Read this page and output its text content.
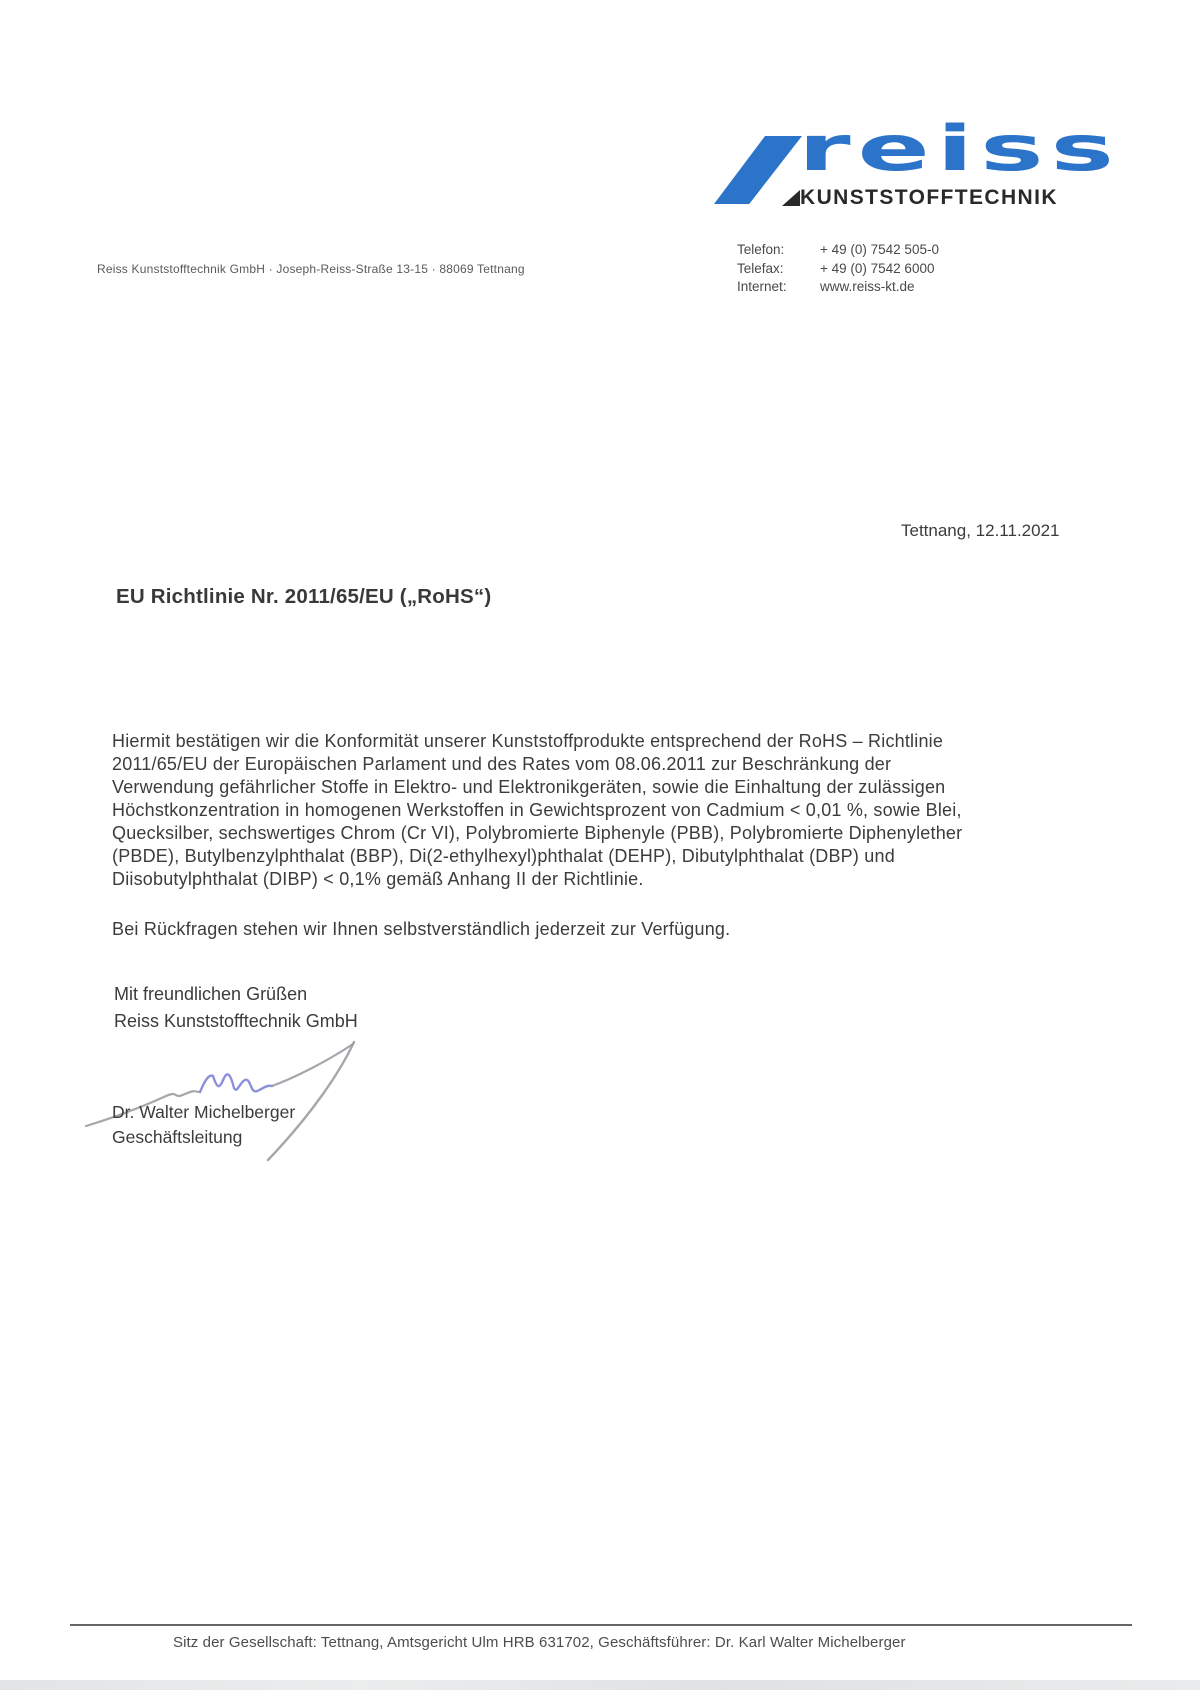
reiss
KUNSTSTOFFTECHNIK
Telefon:	+ 49 (0) 7542 505-0
Telefax:	+ 49 (0) 7542 6000
Internet:	www.reiss-kt.de
Reiss Kunststofftechnik GmbH · Joseph-Reiss-Straße 13-15 · 88069 Tettnang
Tettnang, 12.11.2021
EU Richtlinie Nr. 2011/65/EU („RoHS“)
Hiermit bestätigen wir die Konformität unserer Kunststoffprodukte entsprechend der RoHS – Richtlinie
2011/65/EU der Europäischen Parlament und des Rates vom 08.06.2011 zur Beschränkung der
Verwendung gefährlicher Stoffe in Elektro- und Elektronikgeräten, sowie die Einhaltung der zulässigen
Höchstkonzentration in homogenen Werkstoffen in Gewichtsprozent von Cadmium < 0,01 %, sowie Blei,
Quecksilber, sechswertiges Chrom (Cr VI), Polybromierte Biphenyle (PBB), Polybromierte Diphenylether
(PBDE), Butylbenzylphthalat (BBP), Di(2-ethylhexyl)phthalat (DEHP), Dibutylphthalat (DBP) und
Diisobutylphthalat (DIBP) < 0,1% gemäß Anhang II der Richtlinie.
Bei Rückfragen stehen wir Ihnen selbstverständlich jederzeit zur Verfügung.
Mit freundlichen Grüßen
Reiss Kunststofftechnik GmbH
Dr. Walter Michelberger
Geschäftsleitung
Sitz der Gesellschaft: Tettnang, Amtsgericht Ulm HRB 631702, Geschäftsführer: Dr. Karl Walter Michelberger
